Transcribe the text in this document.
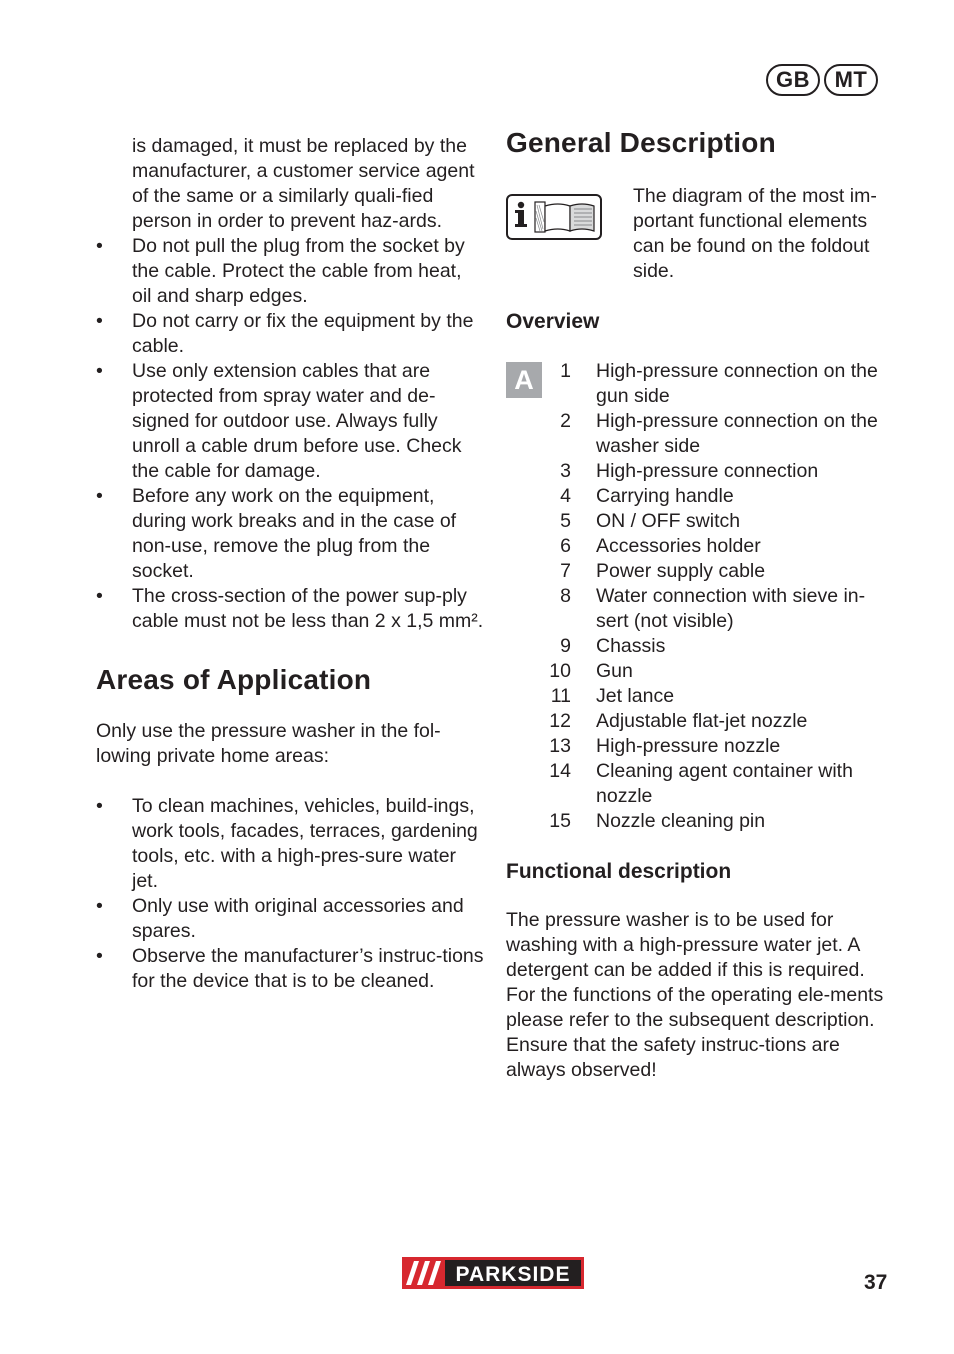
GB	MT

is damaged, it must be replaced by the manufacturer, a customer service agent of the same or a similarly quali-fied person in order to prevent haz-ards.

• Do not pull the plug from the socket by the cable. Protect the cable from heat, oil and sharp edges.
• Do not carry or fix the equipment by the cable.
• Use only extension cables that are protected from spray water and de-signed for outdoor use. Always fully unroll a cable drum before use. Check the cable for damage.
• Before any work on the equipment, during work breaks and in the case of non-use, remove the plug from the socket.
• The cross-section of the power sup-ply cable must not be less than 2 x 1,5 mm².
Areas of Application

Only use the pressure washer in the fol-lowing private home areas:

• To clean machines, vehicles, build-ings, work tools, facades, terraces, gardening tools, etc. with a high-pres-sure water jet.
• Only use with original accessories and spares.
• Observe the manufacturer’s instruc-tions for the device that is to be cleaned.
General Description

The diagram of the most im-portant functional elements can be found on the foldout side.

Overview
A	1 High-pressure connection on the gun side
2 High-pressure connection on the washer side
3 High-pressure connection
4 Carrying handle
5 ON / OFF switch
6 Accessories holder
7 Power supply cable
8 Water connection with sieve in-sert (not visible)
9 Chassis
10 Gun
11 Jet lance
12 Adjustable flat-jet nozzle
13 High-pressure nozzle
14 Cleaning agent container with nozzle
15 Nozzle cleaning pin
Functional description

The pressure washer is to be used for washing with a high-pressure water jet. A detergent can be added if this is required. For the functions of the operating ele-ments please refer to the subsequent description. Ensure that the safety instruc-tions are always observed!

PARKSIDE	37
